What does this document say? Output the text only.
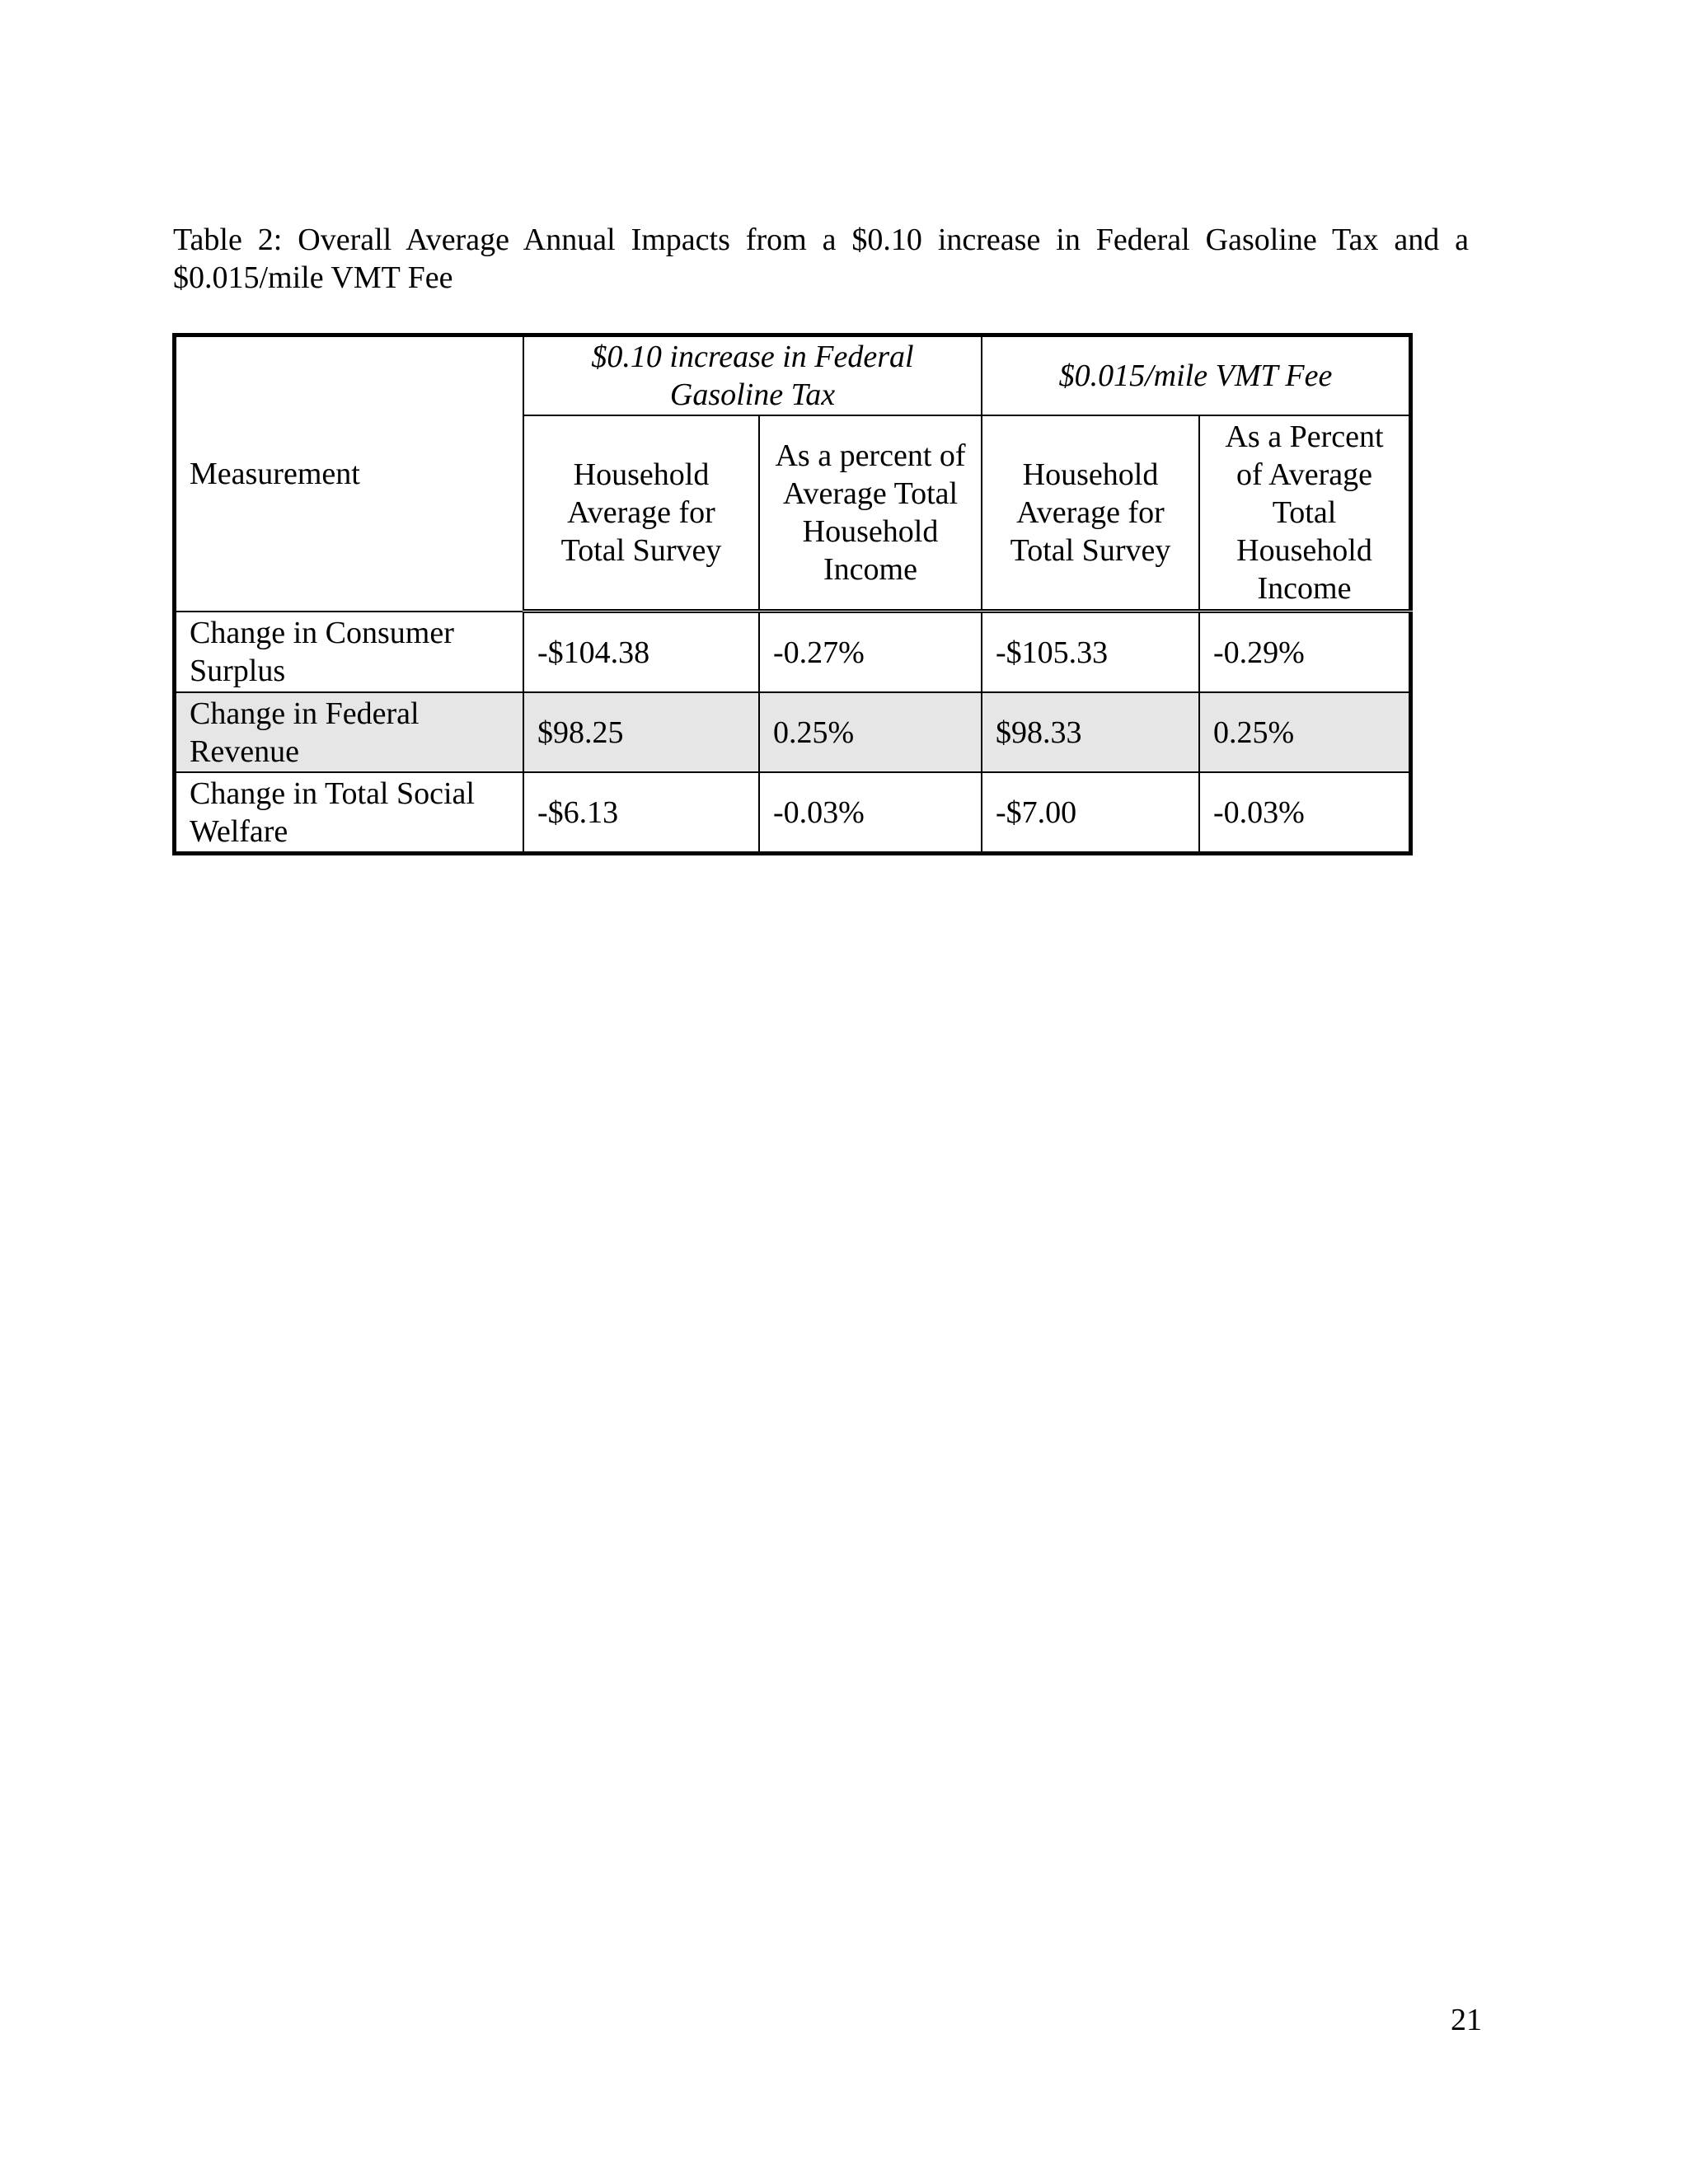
Table 2: Overall Average Annual Impacts from a $0.10 increase in Federal Gasoline Tax and a $0.015/mile VMT Fee
Measurement	$0.10 increase in Federal Gasoline Tax		$0.015/mile VMT Fee	
	Household Average for Total Survey	As a percent of Average Total Household Income	Household Average for Total Survey	As a Percent of Average Total Household Income
Change in Consumer Surplus	-$104.38	-0.27%	-$105.33	-0.29%
Change in Federal Revenue	$98.25	0.25%	$98.33	0.25%
Change in Total Social Welfare	-$6.13	-0.03%	-$7.00	-0.03%
21
